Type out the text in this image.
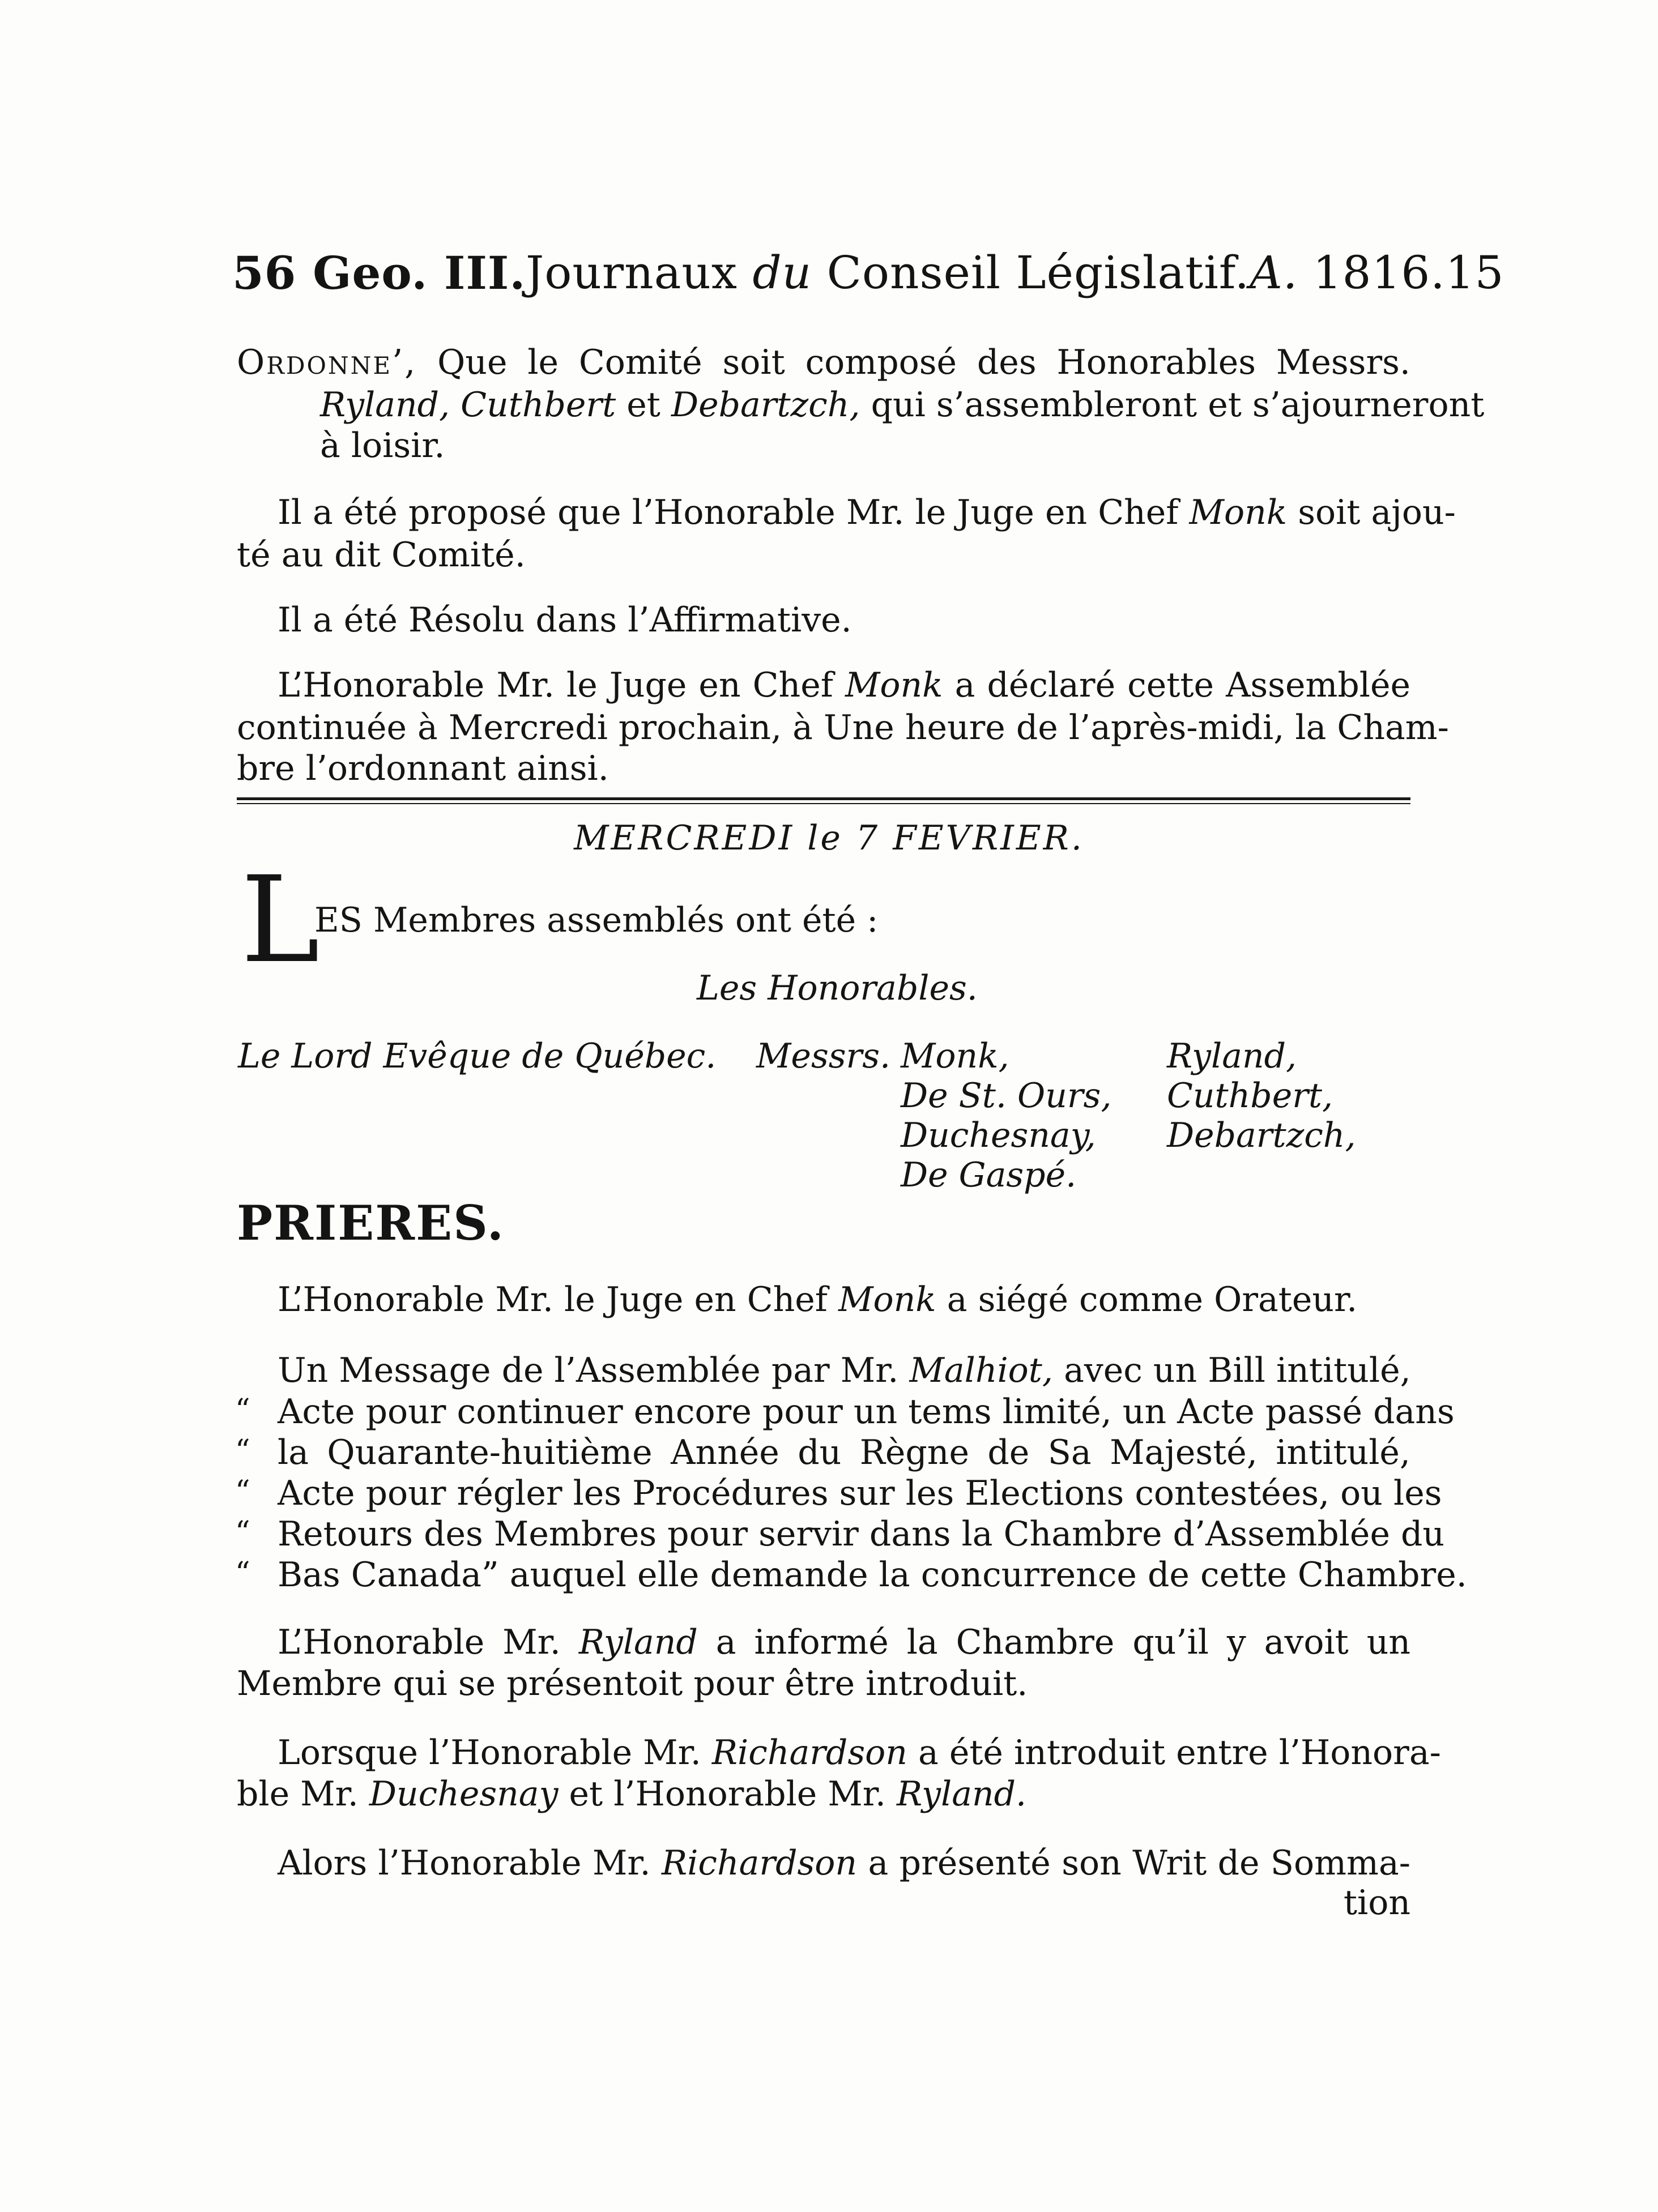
56 Geo. III. Journaux du Conseil Législatif. A. 1816. 15
Ordonne’, Que le Comité soit composé des Honorables Messrs.
Ryland, Cuthbert et Debartzch, qui s’assembleront et s’ajourneront
à loisir.
Il a été proposé que l’Honorable Mr. le Juge en Chef Monk soit ajou-
té au dit Comité.
Il a été Résolu dans l’Affirmative.
L’Honorable Mr. le Juge en Chef Monk a déclaré cette Assemblée
continuée à Mercredi prochain, à Une heure de l’après-midi, la Cham-
bre l’ordonnant ainsi.
MERCREDI le 7 FEVRIER.
L
ES Membres assemblés ont été :
Les Honorables.
Le Lord Evêque de Québec. Messrs. Monk,
De St. Ours,
Duchesnay,
De Gaspé.
Ryland,
Cuthbert,
Debartzch,
PRIERES.
L’Honorable Mr. le Juge en Chef Monk a siégé comme Orateur.
Un Message de l’Assemblée par Mr. Malhiot, avec un Bill intitulé,
“ Acte pour continuer encore pour un tems limité, un Acte passé dans
“ la Quarante-huitième Année du Règne de Sa Majesté, intitulé,
“ Acte pour régler les Procédures sur les Elections contestées, ou les
“ Retours des Membres pour servir dans la Chambre d’Assemblée du
“ Bas Canada” auquel elle demande la concurrence de cette Chambre.
L’Honorable Mr. Ryland a informé la Chambre qu’il y avoit un
Membre qui se présentoit pour être introduit.
Lorsque l’Honorable Mr. Richardson a été introduit entre l’Honora-
ble Mr. Duchesnay et l’Honorable Mr. Ryland.
Alors l’Honorable Mr. Richardson a présenté son Writ de Somma-
tion
